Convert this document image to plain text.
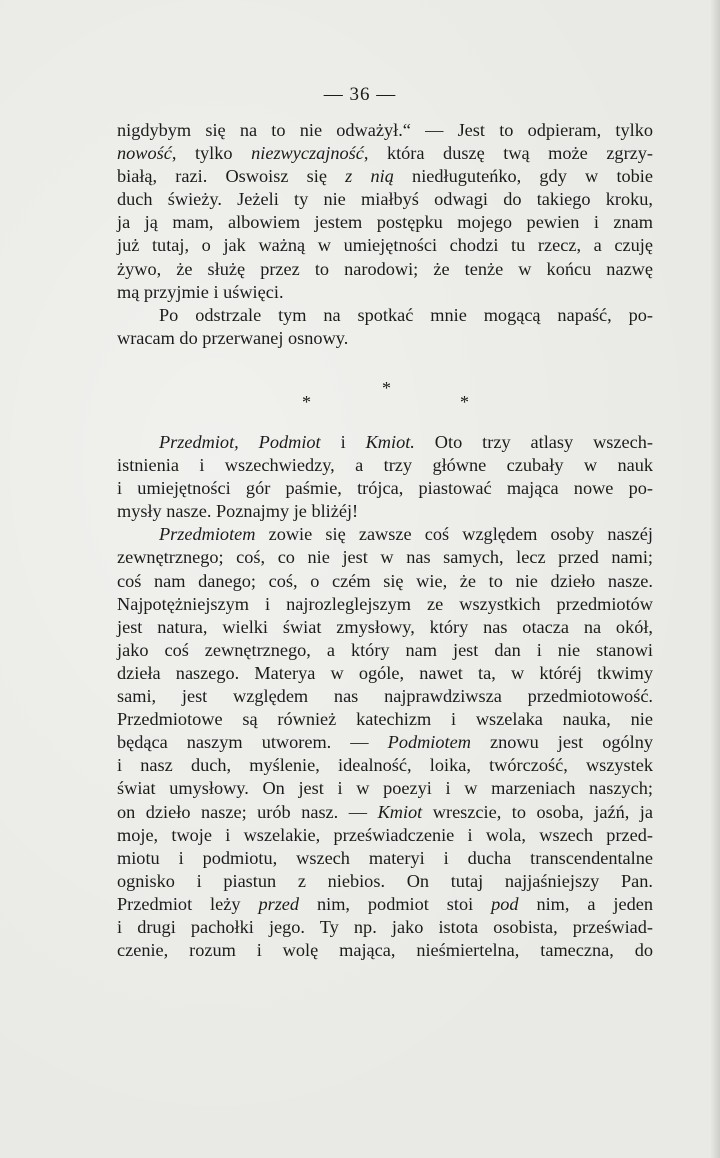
— 36 —
nigdybym się na to nie odważył.“ — Jest to odpieram, tylko
nowość, tylko niezwyczajność, która duszę twą może zgrzy-
białą, razi. Oswoisz się z nią niedługuteńko, gdy w tobie
duch świeży. Jeżeli ty nie miałbyś odwagi do takiego kroku,
ja ją mam, albowiem jestem postępku mojego pewien i znam
już tutaj, o jak ważną w umiejętności chodzi tu rzecz, a czuję
żywo, że służę przez to narodowi; że tenże w końcu nazwę
mą przyjmie i uświęci.
Po odstrzale tym na spotkać mnie mogącą napaść, po-
wracam do przerwanej osnowy.
*
*	*
Przedmiot, Podmiot i Kmiot. Oto trzy atlasy wszech-
istnienia i wszechwiedzy, a trzy główne czubały w nauk
i umiejętności gór paśmie, trójca, piastować mająca nowe po-
mysły nasze. Poznajmy je bliżéj!
Przedmiotem zowie się zawsze coś względem osoby naszéj
zewnętrznego; coś, co nie jest w nas samych, lecz przed nami;
coś nam danego; coś, o czém się wie, że to nie dzieło nasze.
Najpotężniejszym i najrozleglejszym ze wszystkich przedmiotów
jest natura, wielki świat zmysłowy, który nas otacza na okół,
jako coś zewnętrznego, a który nam jest dan i nie stanowi
dzieła naszego. Materya w ogóle, nawet ta, w któréj tkwimy
sami, jest względem nas najprawdziwsza przedmiotowość.
Przedmiotowe są również katechizm i wszelaka nauka, nie
będąca naszym utworem. — Podmiotem znowu jest ogólny
i nasz duch, myślenie, idealność, loika, twórczość, wszystek
świat umysłowy. On jest i w poezyi i w marzeniach naszych;
on dzieło nasze; urób nasz. — Kmiot wreszcie, to osoba, jaźń, ja
moje, twoje i wszelakie, przeświadczenie i wola, wszech przed-
miotu i podmiotu, wszech materyi i ducha transcendentalne
ognisko i piastun z niebios. On tutaj najjaśniejszy Pan.
Przedmiot leży przed nim, podmiot stoi pod nim, a jeden
i drugi pachołki jego. Ty np. jako istota osobista, przeświad-
czenie, rozum i wolę mająca, nieśmiertelna, tameczna, do
